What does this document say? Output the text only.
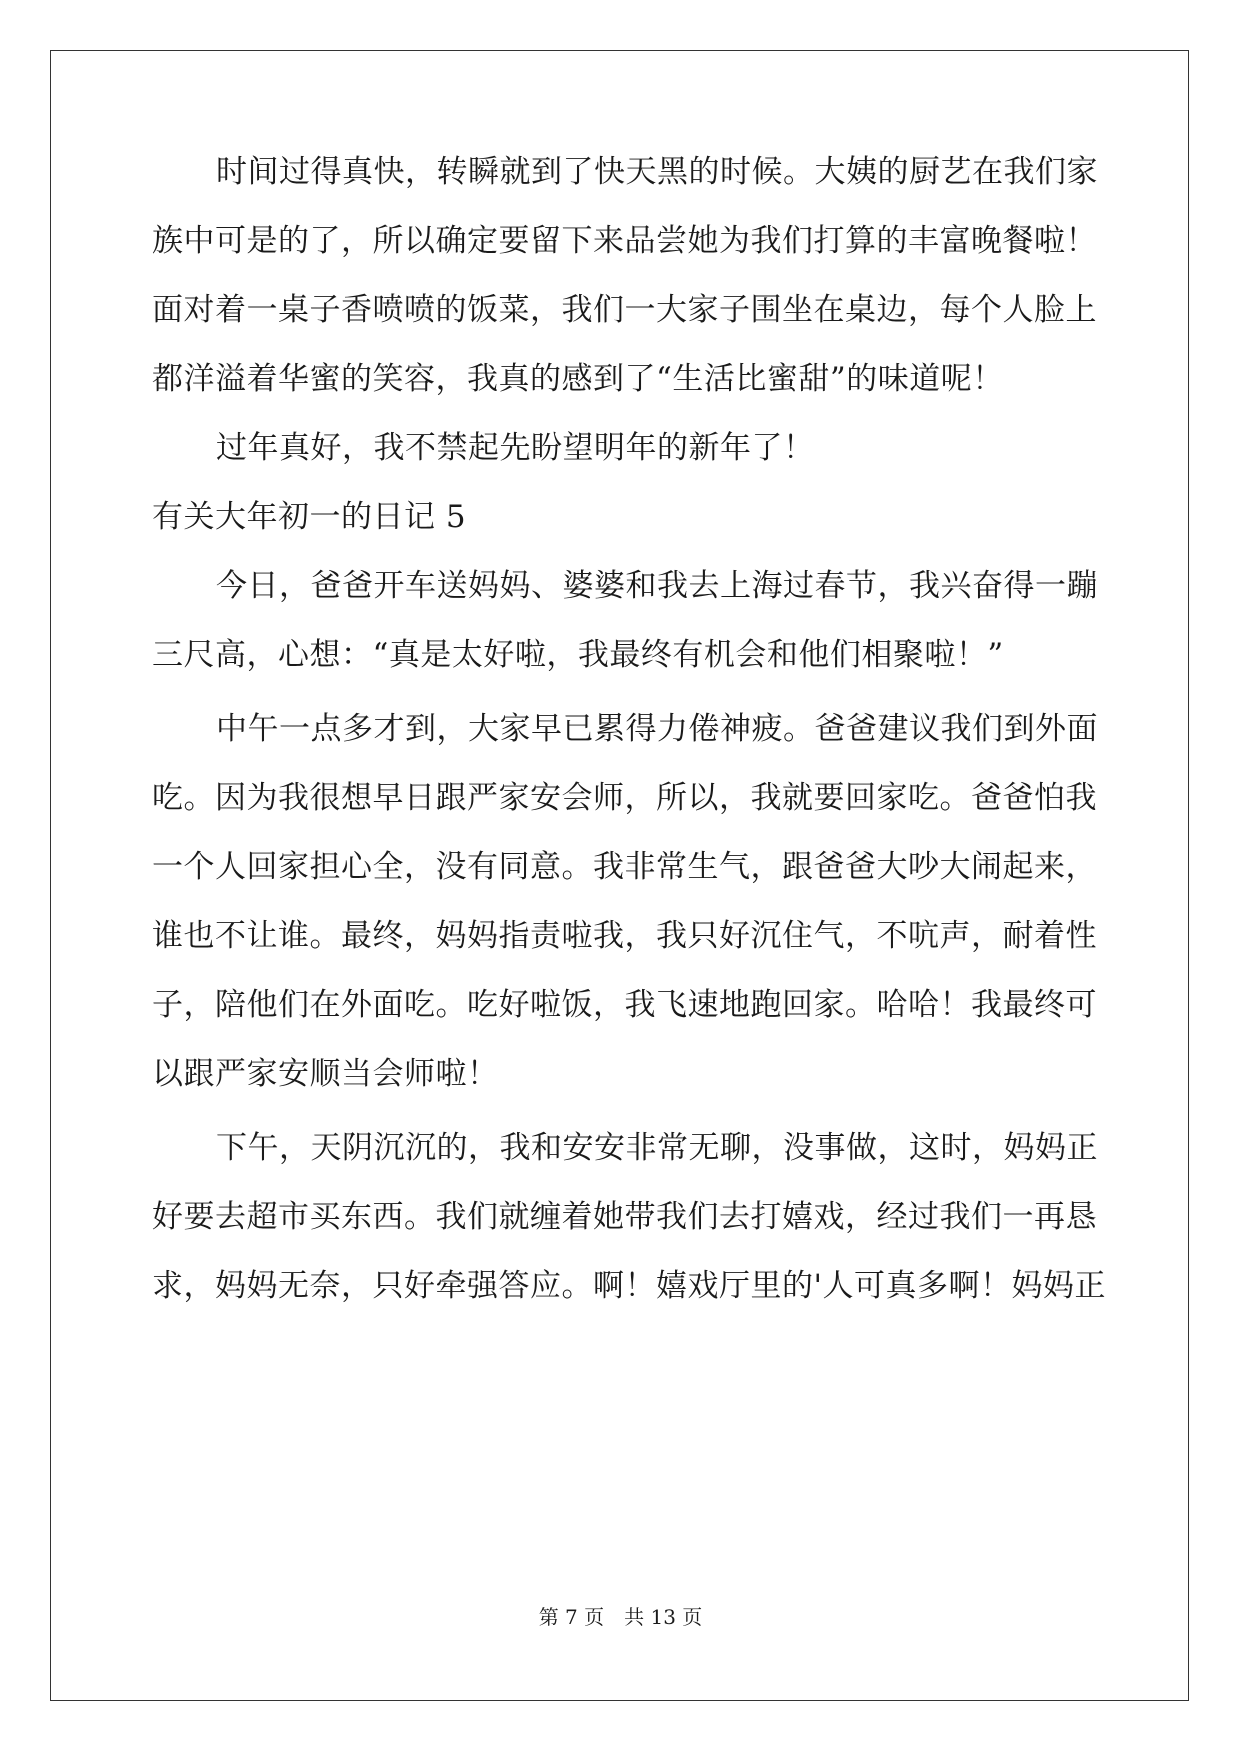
时间过得真快，转瞬就到了快天黑的时候。大姨的厨艺在我们家
族中可是的了，所以确定要留下来品尝她为我们打算的丰富晚餐啦！
面对着一桌子香喷喷的饭菜，我们一大家子围坐在桌边，每个人脸上
都洋溢着华蜜的笑容，我真的感到了“生活比蜜甜”的味道呢！
过年真好，我不禁起先盼望明年的新年了！
有关大年初一的日记 5
今日，爸爸开车送妈妈、婆婆和我去上海过春节，我兴奋得一蹦
三尺高，心想：“真是太好啦，我最终有机会和他们相聚啦！”
中午一点多才到，大家早已累得力倦神疲。爸爸建议我们到外面
吃。因为我很想早日跟严家安会师，所以，我就要回家吃。爸爸怕我
一个人回家担心全，没有同意。我非常生气，跟爸爸大吵大闹起来，
谁也不让谁。最终，妈妈指责啦我，我只好沉住气，不吭声，耐着性
子，陪他们在外面吃。吃好啦饭，我飞速地跑回家。哈哈！我最终可
以跟严家安顺当会师啦！
下午，天阴沉沉的，我和安安非常无聊，没事做，这时，妈妈正
好要去超市买东西。我们就缠着她带我们去打嬉戏，经过我们一再恳
求，妈妈无奈，只好牵强答应。啊！嬉戏厅里的'人可真多啊！妈妈正
第 7 页　共 13 页
